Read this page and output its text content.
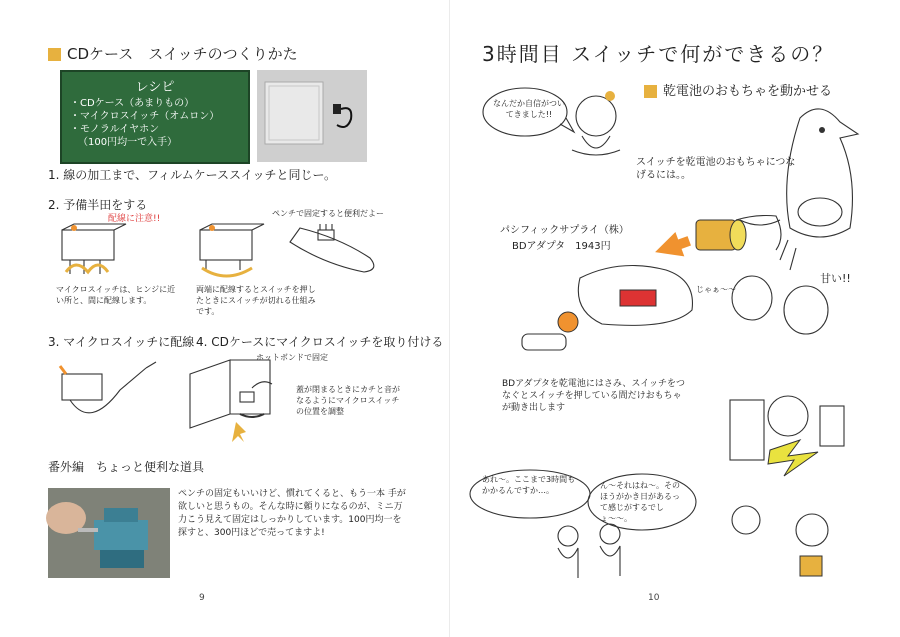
CDケース　スイッチのつくりかた
レシピ
・CDケース（あまりもの）
・マイクロスイッチ（オムロン）
・モノラルイヤホン
（100円均一で入手）
1. 線の加工まで、フィルムケーススイッチと同じー。
2. 予備半田をする
配線に注意!!
ペンチで固定すると便利だよー
マイクロスイッチは、ヒンジに近い所と、間に配線します。
両端に配線するとスイッチを押したときにスイッチが切れる仕組みです。
3. マイクロスイッチに配線 4. CDケースにマイクロスイッチを取り付ける
ホットボンドで固定
蓋が閉まるときにカチと音がなるようにマイクロスイッチの位置を調整
番外編　ちょっと便利な道具
ペンチの固定もいいけど、慣れてくると、もう一本 手が欲しいと思うもの。そんな時に頼りになるのが、ミニ万力こう見えて固定はしっかりしています。100円均一を探すと、300円ほどで売ってますよ!
9
3時間目 スイッチで何ができるの？
乾電池のおもちゃを動かせる
なんだか自信がついてきました!!
スイッチを乾電池のおもちゃにつなげるには。。
パシフィックサプライ（株）
BDアダプタ　1943円
じゃぁ〜〜
甘い!!
BDアダプタを乾電池にはさみ、スイッチをつなぐとスイッチを押している間だけおもちゃが動き出します
あれ〜。ここまで3時間もかかるんですか…。
ん〜それはね〜。そのほうがかき日があるって感じがするでしょ〜〜。
10
